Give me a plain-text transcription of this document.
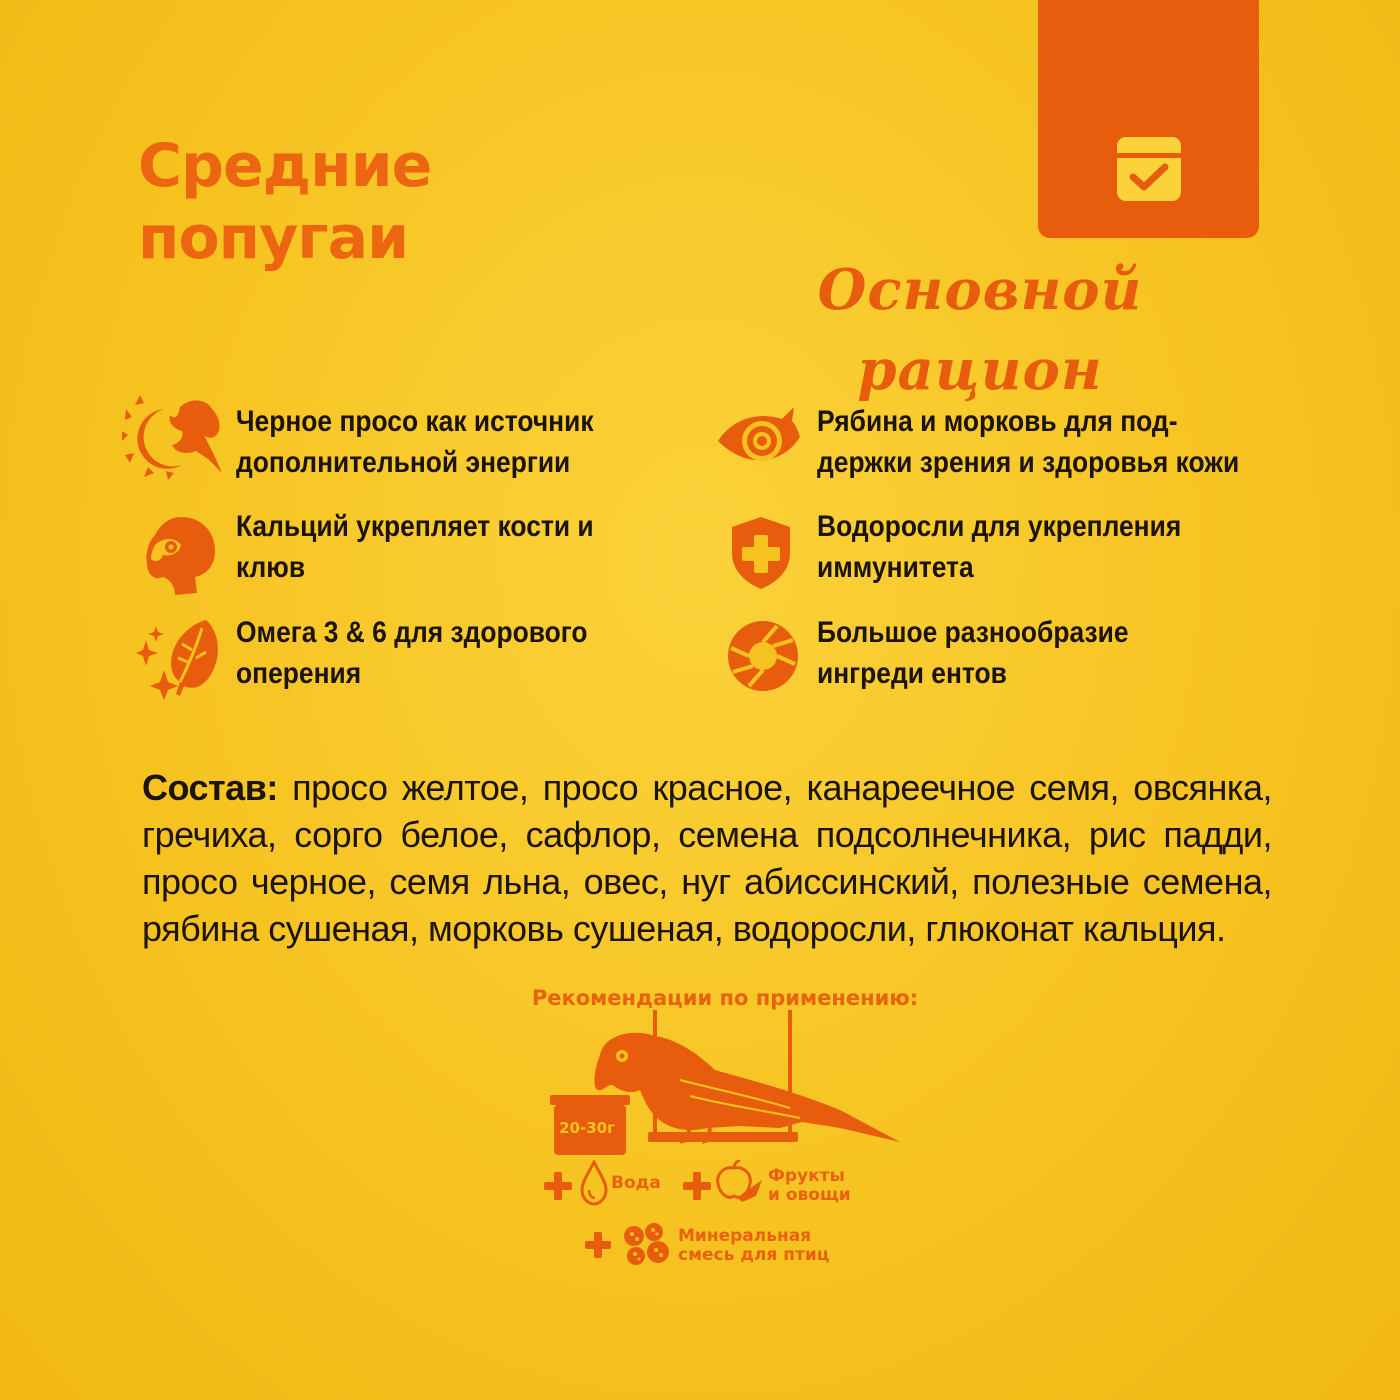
Средние
попугаи

Основной рацион

Черное просо как источник
дополнительной энергии

Рябина и морковь для под-
держки зрения и здоровья кожи

Кальций укрепляет кости и
клюв

Водоросли для укрепления
иммунитета

Омега 3 & 6 для здорового
оперения

Большое разнообразие
ингреди ентов

Состав: просо желтое, просо красное, канареечное семя, овсянка, гречиха, сорго белое, сафлор, семена подсолнечника, рис падди, просо черное, семя льна, овес, нуг абиссинский, полезные семена, рябина сушеная, морковь сушеная, водоросли, глюконат кальция.

Рекомендации по применению:

20-30г

Вода	Фрукты
и овощи

Минеральная
смесь для птиц
